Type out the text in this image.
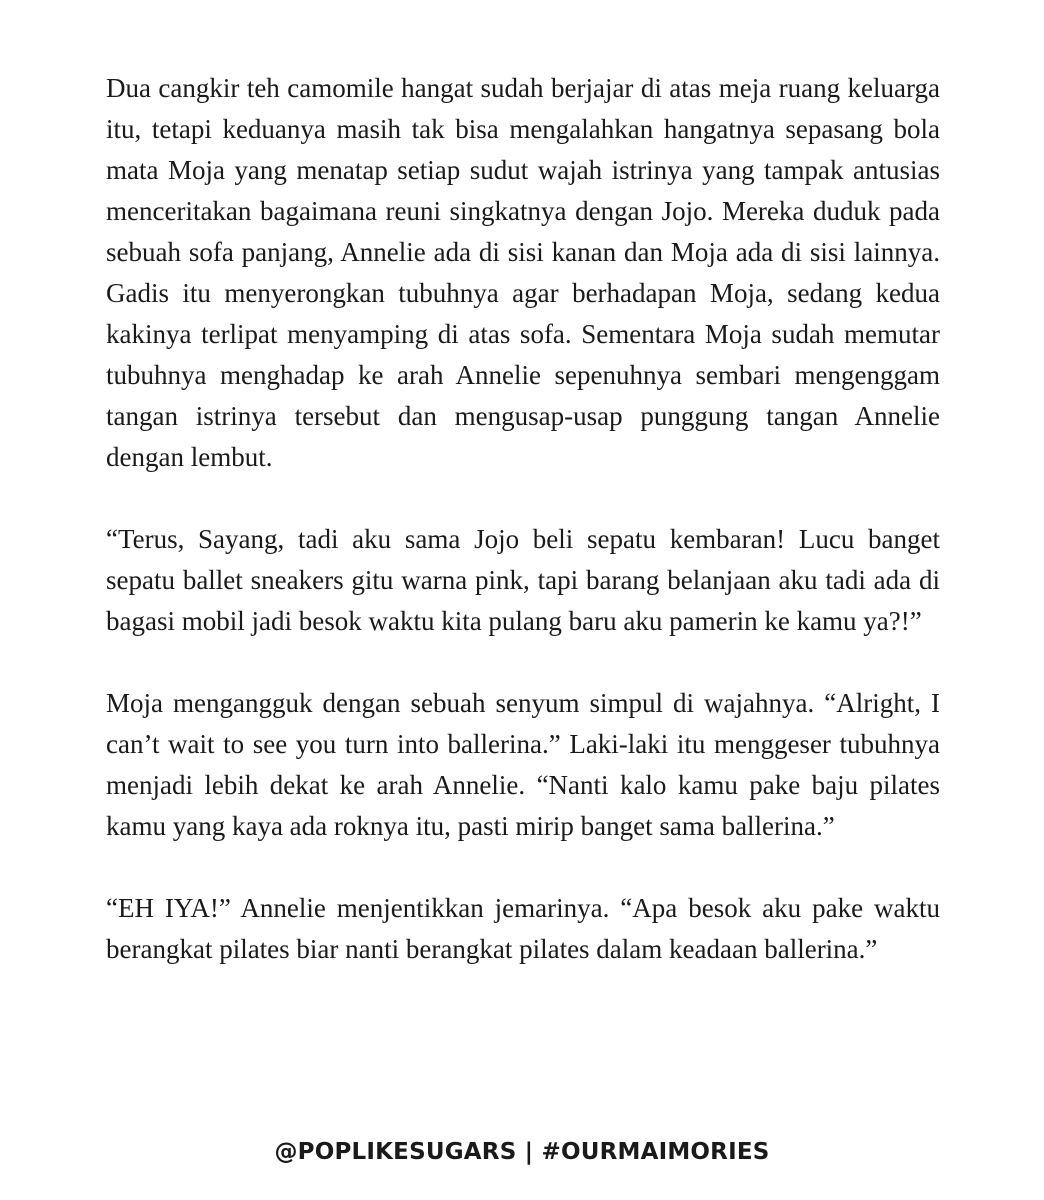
Dua cangkir teh camomile hangat sudah berjajar di atas meja ruang keluarga itu, tetapi keduanya masih tak bisa mengalahkan hangatnya sepasang bola mata Moja yang menatap setiap sudut wajah istrinya yang tampak antusias menceritakan bagaimana reuni singkatnya dengan Jojo. Mereka duduk pada sebuah sofa panjang, Annelie ada di sisi kanan dan Moja ada di sisi lainnya. Gadis itu menyerongkan tubuhnya agar berhadapan Moja, sedang kedua kakinya terlipat menyamping di atas sofa. Sementara Moja sudah memutar tubuhnya menghadap ke arah Annelie sepenuhnya sembari mengenggam tangan istrinya tersebut dan mengusap-usap punggung tangan Annelie dengan lembut.

“Terus, Sayang, tadi aku sama Jojo beli sepatu kembaran! Lucu banget sepatu ballet sneakers gitu warna pink, tapi barang belanjaan aku tadi ada di bagasi mobil jadi besok waktu kita pulang baru aku pamerin ke kamu ya?!”

Moja mengangguk dengan sebuah senyum simpul di wajahnya. “Alright, I can’t wait to see you turn into ballerina.” Laki-laki itu menggeser tubuhnya menjadi lebih dekat ke arah Annelie. “Nanti kalo kamu pake baju pilates kamu yang kaya ada roknya itu, pasti mirip banget sama ballerina.”

“EH IYA!” Annelie menjentikkan jemarinya. “Apa besok aku pake waktu berangkat pilates biar nanti berangkat pilates dalam keadaan ballerina.”

@POPLIKESUGARS | #OURMAIMORIES
